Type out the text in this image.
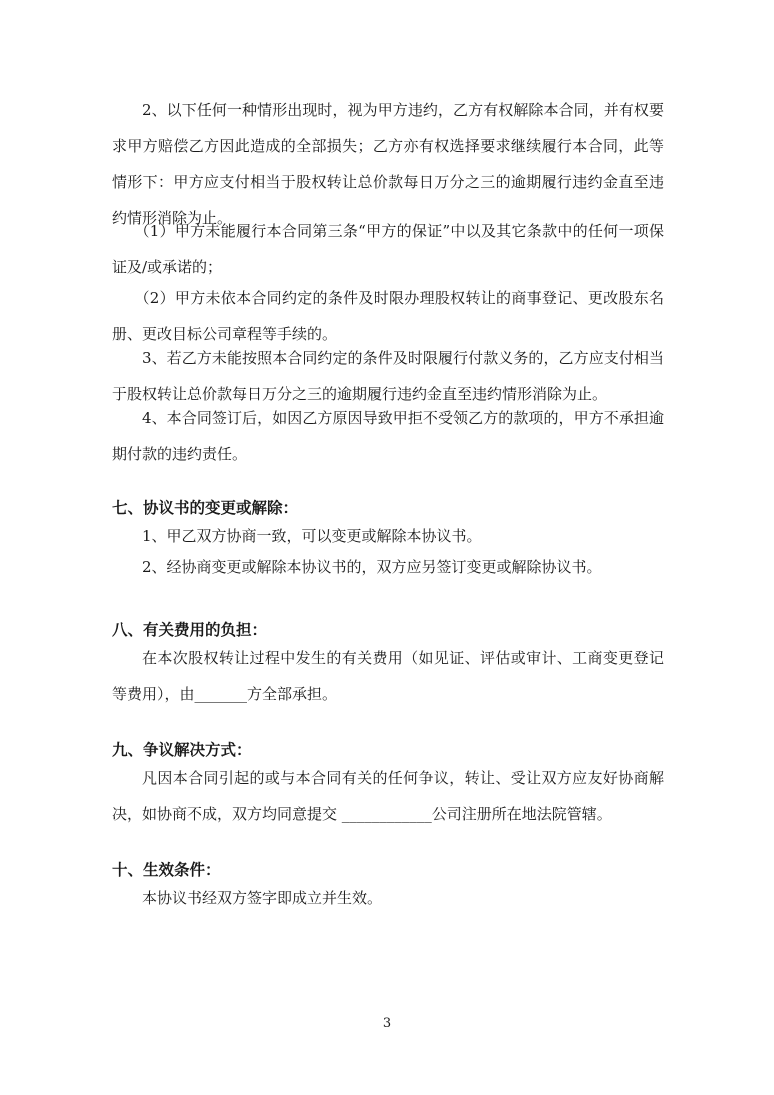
2、以下任何一种情形出现时，视为甲方违约，乙方有权解除本合同，并有权要求甲方赔偿乙方因此造成的全部损失；乙方亦有权选择要求继续履行本合同，此等情形下：甲方应支付相当于股权转让总价款每日万分之三的逾期履行违约金直至违约情形消除为止。

（1）甲方未能履行本合同第三条“甲方的保证”中以及其它条款中的任何一项保证及/或承诺的；

（2）甲方未依本合同约定的条件及时限办理股权转让的商事登记、更改股东名册、更改目标公司章程等手续的。

3、若乙方未能按照本合同约定的条件及时限履行付款义务的，乙方应支付相当于股权转让总价款每日万分之三的逾期履行违约金直至违约情形消除为止。

4、本合同签订后，如因乙方原因导致甲拒不受领乙方的款项的，甲方不承担逾期付款的违约责任。

七、协议书的变更或解除：

1、甲乙双方协商一致，可以变更或解除本协议书。

2、经协商变更或解除本协议书的，双方应另签订变更或解除协议书。

八、有关费用的负担：

在本次股权转让过程中发生的有关费用（如见证、评估或审计、工商变更登记等费用），由_______方全部承担。

九、争议解决方式：

凡因本合同引起的或与本合同有关的任何争议，转让、受让双方应友好协商解决，如协商不成，双方均同意提交 ____________公司注册所在地法院管辖。

十、生效条件：

本协议书经双方签字即成立并生效。

3
